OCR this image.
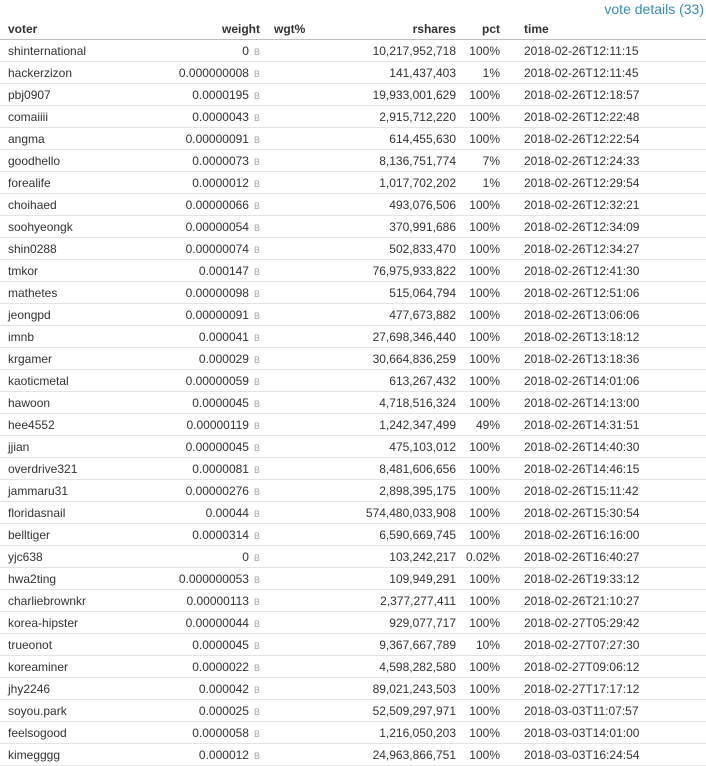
vote details (33)
voter	weight	wgt%	rshares	pct	time
shinternational	0 B		10,217,952,718	100%	2018-02-26T12:11:15
hackerzizon	0.000000008 B		141,437,403	1%	2018-02-26T12:11:45
pbj0907	0.0000195 B		19,933,001,629	100%	2018-02-26T12:18:57
comaiiii	0.0000043 B		2,915,712,220	100%	2018-02-26T12:22:48
angma	0.00000091 B		614,455,630	100%	2018-02-26T12:22:54
goodhello	0.0000073 B		8,136,751,774	7%	2018-02-26T12:24:33
forealife	0.0000012 B		1,017,702,202	1%	2018-02-26T12:29:54
choihaed	0.00000066 B		493,076,506	100%	2018-02-26T12:32:21
soohyeongk	0.00000054 B		370,991,686	100%	2018-02-26T12:34:09
shin0288	0.00000074 B		502,833,470	100%	2018-02-26T12:34:27
tmkor	0.000147 B		76,975,933,822	100%	2018-02-26T12:41:30
mathetes	0.00000098 B		515,064,794	100%	2018-02-26T12:51:06
jeongpd	0.00000091 B		477,673,882	100%	2018-02-26T13:06:06
imnb	0.000041 B		27,698,346,440	100%	2018-02-26T13:18:12
krgamer	0.000029 B		30,664,836,259	100%	2018-02-26T13:18:36
kaoticmetal	0.00000059 B		613,267,432	100%	2018-02-26T14:01:06
hawoon	0.0000045 B		4,718,516,324	100%	2018-02-26T14:13:00
hee4552	0.00000119 B		1,242,347,499	49%	2018-02-26T14:31:51
jjian	0.00000045 B		475,103,012	100%	2018-02-26T14:40:30
overdrive321	0.0000081 B		8,481,606,656	100%	2018-02-26T14:46:15
jammaru31	0.00000276 B		2,898,395,175	100%	2018-02-26T15:11:42
floridasnail	0.00044 B		574,480,033,908	100%	2018-02-26T15:30:54
belltiger	0.0000314 B		6,590,669,745	100%	2018-02-26T16:16:00
yjc638	0 B		103,242,217	0.02%	2018-02-26T16:40:27
hwa2ting	0.000000053 B		109,949,291	100%	2018-02-26T19:33:12
charliebrownkr	0.00000113 B		2,377,277,411	100%	2018-02-26T21:10:27
korea-hipster	0.00000044 B		929,077,717	100%	2018-02-27T05:29:42
trueonot	0.0000045 B		9,367,667,789	10%	2018-02-27T07:27:30
koreaminer	0.0000022 B		4,598,282,580	100%	2018-02-27T09:06:12
jhy2246	0.000042 B		89,021,243,503	100%	2018-02-27T17:17:12
soyou.park	0.000025 B		52,509,297,971	100%	2018-03-03T11:07:57
feelsogood	0.0000058 B		1,216,050,203	100%	2018-03-03T14:01:00
kimegggg	0.000012 B		24,963,866,751	100%	2018-03-03T16:24:54
